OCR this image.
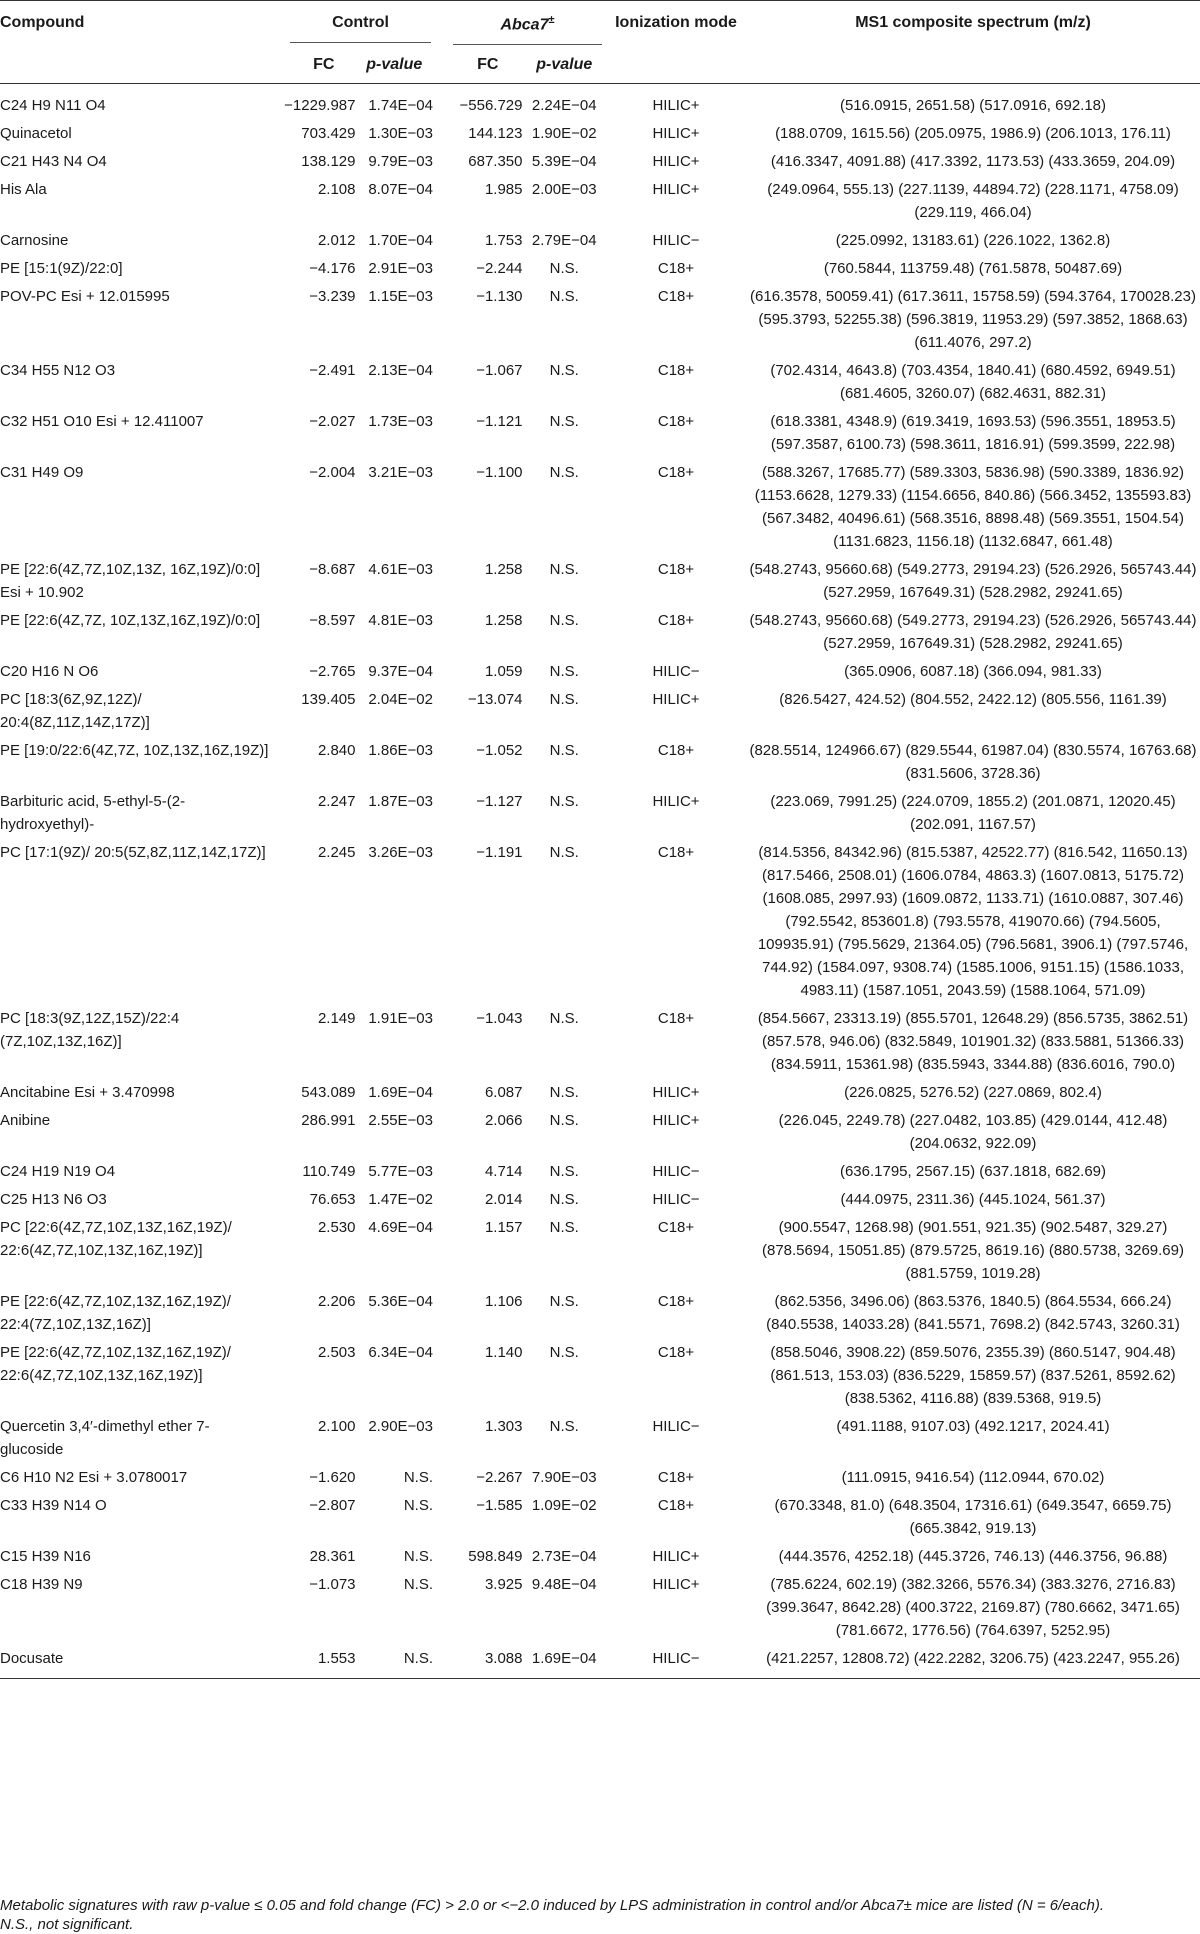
Compound	Control		Abca7±		Ionization mode	MS1 composite spectrum (m/z)
	FC	p-value	FC	p-value		
C24 H9 N11 O4	−1229.987	1.74E−04	−556.729	2.24E−04	HILIC+	(516.0915, 2651.58) (517.0916, 692.18)
Quinacetol	703.429	1.30E−03	144.123	1.90E−02	HILIC+	(188.0709, 1615.56) (205.0975, 1986.9) (206.1013, 176.11)
C21 H43 N4 O4	138.129	9.79E−03	687.350	5.39E−04	HILIC+	(416.3347, 4091.88) (417.3392, 1173.53) (433.3659, 204.09)
His Ala	2.108	8.07E−04	1.985	2.00E−03	HILIC+	(249.0964, 555.13) (227.1139, 44894.72) (228.1171, 4758.09) (229.119, 466.04)
Carnosine	2.012	1.70E−04	1.753	2.79E−04	HILIC−	(225.0992, 13183.61) (226.1022, 1362.8)
PE [15:1(9Z)/22:0]	−4.176	2.91E−03	−2.244	N.S.	C18+	(760.5844, 113759.48) (761.5878, 50487.69)
POV-PC Esi + 12.015995	−3.239	1.15E−03	−1.130	N.S.	C18+	(616.3578, 50059.41) (617.3611, 15758.59) (594.3764, 170028.23) (595.3793, 52255.38) (596.3819, 11953.29) (597.3852, 1868.63) (611.4076, 297.2)
C34 H55 N12 O3	−2.491	2.13E−04	−1.067	N.S.	C18+	(702.4314, 4643.8) (703.4354, 1840.41) (680.4592, 6949.51) (681.4605, 3260.07) (682.4631, 882.31)
C32 H51 O10 Esi + 12.411007	−2.027	1.73E−03	−1.121	N.S.	C18+	(618.3381, 4348.9) (619.3419, 1693.53) (596.3551, 18953.5) (597.3587, 6100.73) (598.3611, 1816.91) (599.3599, 222.98)
C31 H49 O9	−2.004	3.21E−03	−1.100	N.S.	C18+	(588.3267, 17685.77) (589.3303, 5836.98) (590.3389, 1836.92) (1153.6628, 1279.33) (1154.6656, 840.86) (566.3452, 135593.83) (567.3482, 40496.61) (568.3516, 8898.48) (569.3551, 1504.54) (1131.6823, 1156.18) (1132.6847, 661.48)
PE [22:6(4Z,7Z,10Z,13Z, 16Z,19Z)/0:0] Esi + 10.902	−8.687	4.61E−03	1.258	N.S.	C18+	(548.2743, 95660.68) (549.2773, 29194.23) (526.2926, 565743.44) (527.2959, 167649.31) (528.2982, 29241.65)
PE [22:6(4Z,7Z, 10Z,13Z,16Z,19Z)/0:0]	−8.597	4.81E−03	1.258	N.S.	C18+	(548.2743, 95660.68) (549.2773, 29194.23) (526.2926, 565743.44) (527.2959, 167649.31) (528.2982, 29241.65)
C20 H16 N O6	−2.765	9.37E−04	1.059	N.S.	HILIC−	(365.0906, 6087.18) (366.094, 981.33)
PC [18:3(6Z,9Z,12Z)/ 20:4(8Z,11Z,14Z,17Z)]	139.405	2.04E−02	−13.074	N.S.	HILIC+	(826.5427, 424.52) (804.552, 2422.12) (805.556, 1161.39)
PE [19:0/22:6(4Z,7Z, 10Z,13Z,16Z,19Z)]	2.840	1.86E−03	−1.052	N.S.	C18+	(828.5514, 124966.67) (829.5544, 61987.04) (830.5574, 16763.68) (831.5606, 3728.36)
Barbituric acid, 5-ethyl-5-(2-hydroxyethyl)-	2.247	1.87E−03	−1.127	N.S.	HILIC+	(223.069, 7991.25) (224.0709, 1855.2) (201.0871, 12020.45) (202.091, 1167.57)
PC [17:1(9Z)/ 20:5(5Z,8Z,11Z,14Z,17Z)]	2.245	3.26E−03	−1.191	N.S.	C18+	(814.5356, 84342.96) (815.5387, 42522.77) (816.542, 11650.13) (817.5466, 2508.01) (1606.0784, 4863.3) (1607.0813, 5175.72) (1608.085, 2997.93) (1609.0872, 1133.71) (1610.0887, 307.46) (792.5542, 853601.8) (793.5578, 419070.66) (794.5605, 109935.91) (795.5629, 21364.05) (796.5681, 3906.1) (797.5746, 744.92) (1584.097, 9308.74) (1585.1006, 9151.15) (1586.1033, 4983.11) (1587.1051, 2043.59) (1588.1064, 571.09)
PC [18:3(9Z,12Z,15Z)/22:4 (7Z,10Z,13Z,16Z)]	2.149	1.91E−03	−1.043	N.S.	C18+	(854.5667, 23313.19) (855.5701, 12648.29) (856.5735, 3862.51) (857.578, 946.06) (832.5849, 101901.32) (833.5881, 51366.33) (834.5911, 15361.98) (835.5943, 3344.88) (836.6016, 790.0)
Ancitabine Esi + 3.470998	543.089	1.69E−04	6.087	N.S.	HILIC+	(226.0825, 5276.52) (227.0869, 802.4)
Anibine	286.991	2.55E−03	2.066	N.S.	HILIC+	(226.045, 2249.78) (227.0482, 103.85) (429.0144, 412.48) (204.0632, 922.09)
C24 H19 N19 O4	110.749	5.77E−03	4.714	N.S.	HILIC−	(636.1795, 2567.15) (637.1818, 682.69)
C25 H13 N6 O3	76.653	1.47E−02	2.014	N.S.	HILIC−	(444.0975, 2311.36) (445.1024, 561.37)
PC [22:6(4Z,7Z,10Z,13Z,16Z,19Z)/ 22:6(4Z,7Z,10Z,13Z,16Z,19Z)]	2.530	4.69E−04	1.157	N.S.	C18+	(900.5547, 1268.98) (901.551, 921.35) (902.5487, 329.27) (878.5694, 15051.85) (879.5725, 8619.16) (880.5738, 3269.69) (881.5759, 1019.28)
PE [22:6(4Z,7Z,10Z,13Z,16Z,19Z)/ 22:4(7Z,10Z,13Z,16Z)]	2.206	5.36E−04	1.106	N.S.	C18+	(862.5356, 3496.06) (863.5376, 1840.5) (864.5534, 666.24) (840.5538, 14033.28) (841.5571, 7698.2) (842.5743, 3260.31)
PE [22:6(4Z,7Z,10Z,13Z,16Z,19Z)/ 22:6(4Z,7Z,10Z,13Z,16Z,19Z)]	2.503	6.34E−04	1.140	N.S.	C18+	(858.5046, 3908.22) (859.5076, 2355.39) (860.5147, 904.48) (861.513, 153.03) (836.5229, 15859.57) (837.5261, 8592.62) (838.5362, 4116.88) (839.5368, 919.5)
Quercetin 3,4′-dimethyl ether 7-glucoside	2.100	2.90E−03	1.303	N.S.	HILIC−	(491.1188, 9107.03) (492.1217, 2024.41)
C6 H10 N2 Esi + 3.0780017	−1.620	N.S.	−2.267	7.90E−03	C18+	(111.0915, 9416.54) (112.0944, 670.02)
C33 H39 N14 O	−2.807	N.S.	−1.585	1.09E−02	C18+	(670.3348, 81.0) (648.3504, 17316.61) (649.3547, 6659.75) (665.3842, 919.13)
C15 H39 N16	28.361	N.S.	598.849	2.73E−04	HILIC+	(444.3576, 4252.18) (445.3726, 746.13) (446.3756, 96.88)
C18 H39 N9	−1.073	N.S.	3.925	9.48E−04	HILIC+	(785.6224, 602.19) (382.3266, 5576.34) (383.3276, 2716.83) (399.3647, 8642.28) (400.3722, 2169.87) (780.6662, 3471.65) (781.6672, 1776.56) (764.6397, 5252.95)
Docusate	1.553	N.S.	3.088	1.69E−04	HILIC−	(421.2257, 12808.72) (422.2282, 3206.75) (423.2247, 955.26)
Metabolic signatures with raw p-value ≤ 0.05 and fold change (FC) > 2.0 or <−2.0 induced by LPS administration in control and/or Abca7± mice are listed (N = 6/each).
N.S., not significant.
